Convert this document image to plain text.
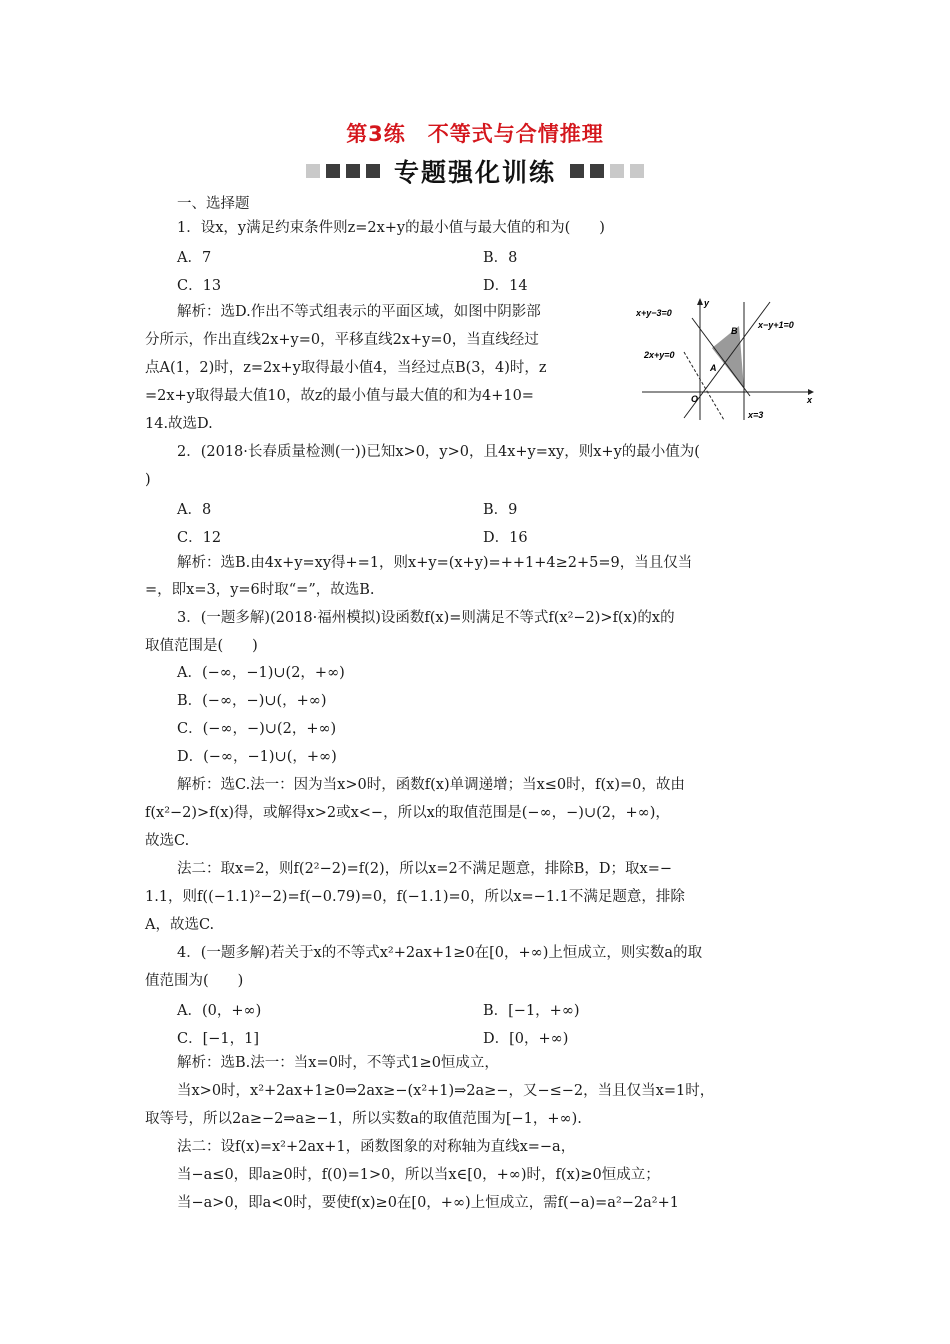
第3练　不等式与合情推理
专题强化训练
一、选择题
1．设x，y满足约束条件则z=2x+y的最小值与最大值的和为(　　)
A．7	B．8
C．13	D．14
解析：选D.作出不等式组表示的平面区域，如图中阴影部
分所示，作出直线2x+y=0，平移直线2x+y=0，当直线经过
点A(1，2)时，z=2x+y取得最小值4，当经过点B(3，4)时，z
=2x+y取得最大值10，故z的最小值与最大值的和为4+10=
14.故选D.
x+y−3=0
x−y+1=0
2x+y=0
x=3
A
B
O	x
y
2．(2018·长春质量检测(一))已知x>0，y>0，且4x+y=xy，则x+y的最小值为(
)
A．8	B．9
C．12	D．16
解析：选B.由4x+y=xy得+=1，则x+y=(x+y)=++1+4≥2+5=9，当且仅当
=，即x=3，y=6时取“=”，故选B.
3．(一题多解)(2018·福州模拟)设函数f(x)=则满足不等式f(x²−2)>f(x)的x的
取值范围是(　　)
A．(−∞，−1)∪(2，+∞)
B．(−∞，−)∪(，+∞)
C．(−∞，−)∪(2，+∞)
D．(−∞，−1)∪(，+∞)
解析：选C.法一：因为当x>0时，函数f(x)单调递增；当x≤0时，f(x)=0，故由
f(x²−2)>f(x)得，或解得x>2或x<−，所以x的取值范围是(−∞，−)∪(2，+∞)，
故选C.
法二：取x=2，则f(2²−2)=f(2)，所以x=2不满足题意，排除B，D；取x=−
1.1，则f((−1.1)²−2)=f(−0.79)=0，f(−1.1)=0，所以x=−1.1不满足题意，排除
A，故选C.
4．(一题多解)若关于x的不等式x²+2ax+1≥0在[0，+∞)上恒成立，则实数a的取
值范围为(　　)
A．(0，+∞)	B．[−1，+∞)
C．[−1，1]	D．[0，+∞)
解析：选B.法一：当x=0时，不等式1≥0恒成立，
当x>0时，x²+2ax+1≥0⇒2ax≥−(x²+1)⇒2a≥−，又−≤−2，当且仅当x=1时，
取等号，所以2a≥−2⇒a≥−1，所以实数a的取值范围为[−1，+∞).
法二：设f(x)=x²+2ax+1，函数图象的对称轴为直线x=−a，
当−a≤0，即a≥0时，f(0)=1>0，所以当x∈[0，+∞)时，f(x)≥0恒成立；
当−a>0，即a<0时，要使f(x)≥0在[0，+∞)上恒成立，需f(−a)=a²−2a²+1
